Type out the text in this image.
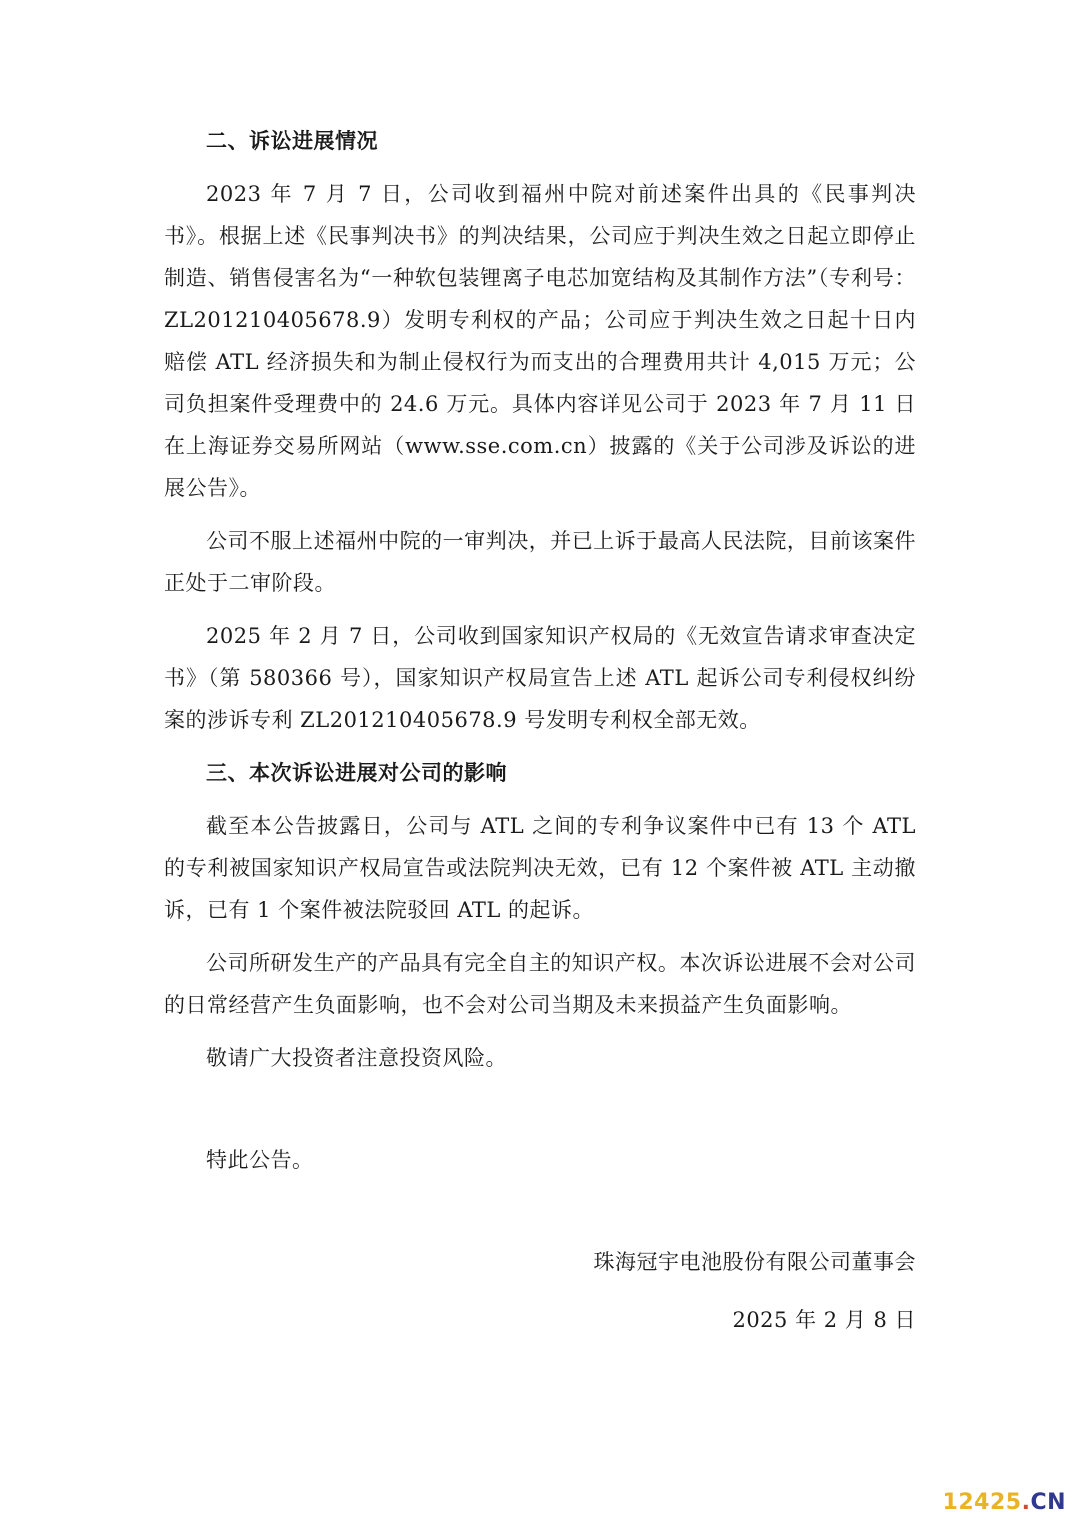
二、诉讼进展情况

2023 年 7 月 7 日，公司收到福州中院对前述案件出具的《民事判决书》。根据上述《民事判决书》的判决结果，公司应于判决生效之日起立即停止制造、销售侵害名为“一种软包装锂离子电芯加宽结构及其制作方法”（专利号：ZL201210405678.9）发明专利权的产品；公司应于判决生效之日起十日内赔偿 ATL 经济损失和为制止侵权行为而支出的合理费用共计 4,015 万元；公司负担案件受理费中的 24.6 万元。具体内容详见公司于 2023 年 7 月 11 日在上海证券交易所网站（www.sse.com.cn）披露的《关于公司涉及诉讼的进展公告》。

公司不服上述福州中院的一审判决，并已上诉于最高人民法院，目前该案件正处于二审阶段。

2025 年 2 月 7 日，公司收到国家知识产权局的《无效宣告请求审查决定书》（第 580366 号），国家知识产权局宣告上述 ATL 起诉公司专利侵权纠纷案的涉诉专利 ZL201210405678.9 号发明专利权全部无效。

三、本次诉讼进展对公司的影响

截至本公告披露日，公司与 ATL 之间的专利争议案件中已有 13 个 ATL 的专利被国家知识产权局宣告或法院判决无效，已有 12 个案件被 ATL 主动撤诉，已有 1 个案件被法院驳回 ATL 的起诉。

公司所研发生产的产品具有完全自主的知识产权。本次诉讼进展不会对公司的日常经营产生负面影响，也不会对公司当期及未来损益产生负面影响。

敬请广大投资者注意投资风险。

特此公告。

珠海冠宇电池股份有限公司董事会

2025 年 2 月 8 日

12425.CN
